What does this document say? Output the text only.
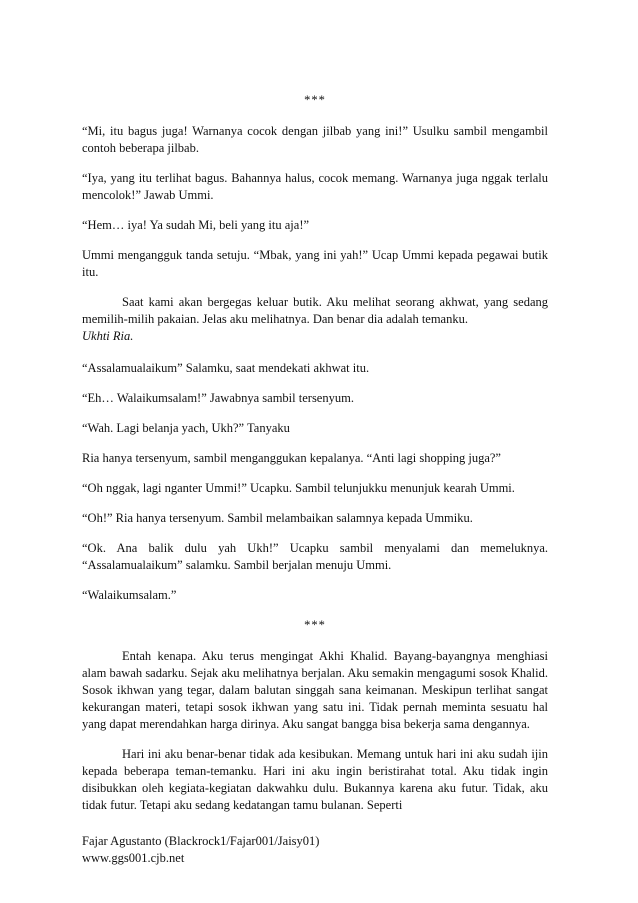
***

“Mi, itu bagus juga! Warnanya cocok dengan jilbab yang ini!” Usulku sambil mengambil contoh beberapa jilbab.

“Iya, yang itu terlihat bagus. Bahannya halus, cocok memang. Warnanya juga nggak terlalu mencolok!” Jawab Ummi.

“Hem… iya! Ya sudah Mi, beli yang itu aja!”

Ummi mengangguk tanda setuju. “Mbak, yang ini yah!” Ucap Ummi kepada pegawai butik itu.

Saat kami akan bergegas keluar butik. Aku melihat seorang akhwat, yang sedang memilih-milih pakaian. Jelas aku melihatnya. Dan benar dia adalah temanku.
Ukhti Ria.

“Assalamualaikum” Salamku, saat mendekati akhwat itu.

“Eh… Walaikumsalam!” Jawabnya sambil tersenyum.

“Wah. Lagi belanja yach, Ukh?” Tanyaku

Ria hanya tersenyum, sambil menganggukan kepalanya. “Anti lagi shopping juga?”

“Oh nggak, lagi nganter Ummi!” Ucapku. Sambil telunjukku menunjuk kearah Ummi.

“Oh!” Ria hanya tersenyum. Sambil melambaikan salamnya kepada Ummiku.

“Ok. Ana balik dulu yah Ukh!” Ucapku sambil menyalami dan memeluknya. “Assalamualaikum” salamku. Sambil berjalan menuju Ummi.

“Walaikumsalam.”

***

Entah kenapa. Aku terus mengingat Akhi Khalid. Bayang-bayangnya menghiasi alam bawah sadarku. Sejak aku melihatnya berjalan. Aku semakin mengagumi sosok Khalid. Sosok ikhwan yang tegar, dalam balutan singgah sana keimanan. Meskipun terlihat sangat kekurangan materi, tetapi sosok ikhwan yang satu ini. Tidak pernah meminta sesuatu hal yang dapat merendahkan harga dirinya. Aku sangat bangga bisa bekerja sama dengannya.

Hari ini aku benar-benar tidak ada kesibukan. Memang untuk hari ini aku sudah ijin kepada beberapa teman-temanku. Hari ini aku ingin beristirahat total. Aku tidak ingin disibukkan oleh kegiata-kegiatan dakwahku dulu. Bukannya karena aku futur. Tidak, aku tidak futur. Tetapi aku sedang kedatangan tamu bulanan. Seperti

Fajar Agustanto (Blackrock1/Fajar001/Jaisy01)
www.ggs001.cjb.net
